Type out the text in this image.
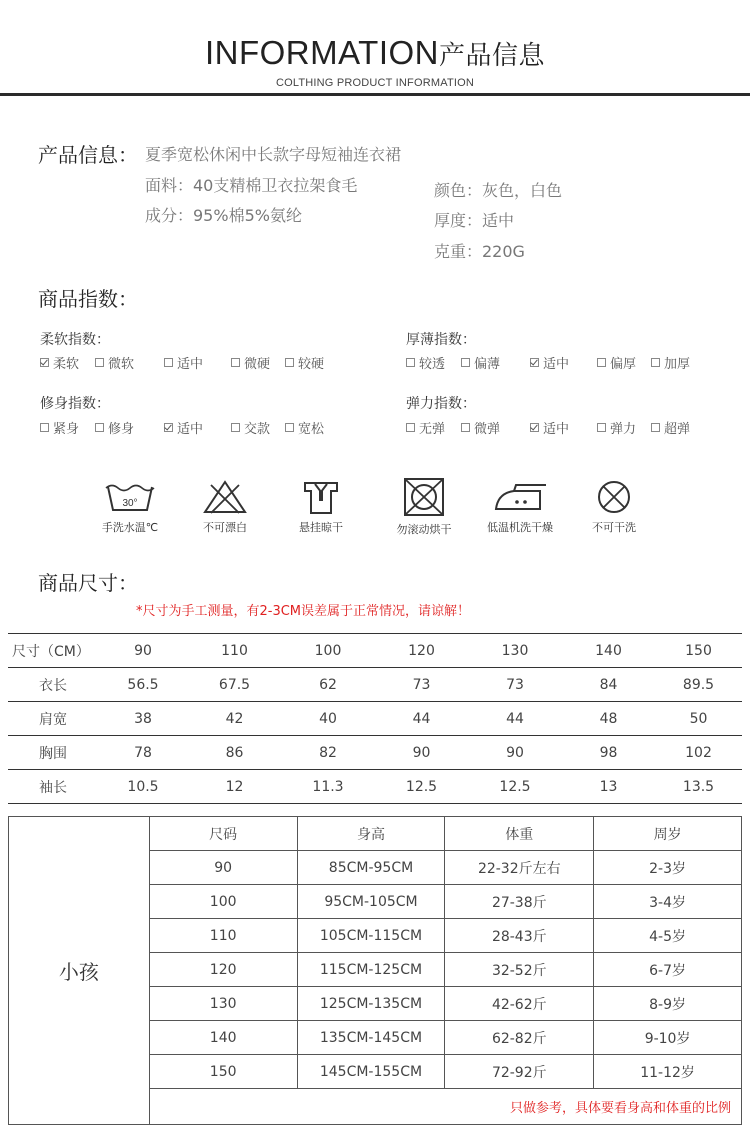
INFORMATION产品信息
COLTHING PRODUCT INFORMATION
产品信息： 夏季宽松休闲中长款字母短袖连衣裙
面料：40支精棉卫衣拉架食毛
成分：95%棉5%氨纶
颜色：灰色，白色
厚度：适中
克重：220G
商品指数：
柔软指数：	厚薄指数：
修身指数：	弹力指数：
柔软 微软	适中	微硬 较硬	较透 偏薄	适中	偏厚 加厚
紧身 修身	适中	交款 宽松	无弹 微弹	适中	弹力 超弹
30°
手洗水温℃	不可漂白	悬挂晾干	勿滚动烘干	低温机洗干燥	不可干洗
商品尺寸：
*尺寸为手工测量，有2-3CM误差属于正常情况，请谅解！
尺寸（CM）	90	110	100	120	130	140	150	
衣长	56.5	67.5	62	73	73	84	89.5	
肩宽	38	42	40	44	44	48	50	
胸围	78	86	82	90	90	98	102	
袖长	10.5	12	11.3	12.5	12.5	13	13.5	
小孩	尺码	身高	体重	周岁
	90	85CM-95CM	22-32斤左右	2-3岁
	100	95CM-105CM	27-38斤	3-4岁
	110	105CM-115CM	28-43斤	4-5岁
	120	115CM-125CM	32-52斤	6-7岁
	130	125CM-135CM	42-62斤	8-9岁
	140	135CM-145CM	62-82斤	9-10岁
	150	145CM-155CM	72-92斤	11-12岁
	只做参考，具体要看身高和体重的比例			
